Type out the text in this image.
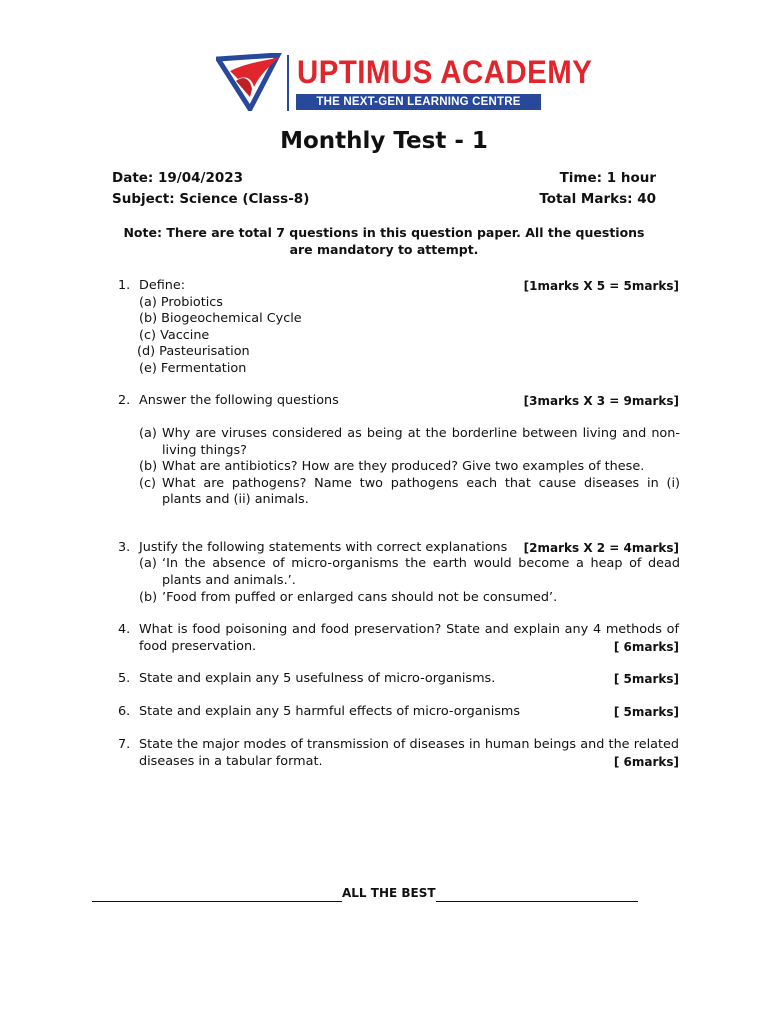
UPTIMUS ACADEMY
THE NEXT-GEN LEARNING CENTRE
Monthly Test - 1
Date: 19/04/2023
Subject: Science (Class-8)
Time: 1 hour
Total Marks: 40
Note: There are total 7 questions in this question paper. All the questions are mandatory to attempt.
1. Define:	[1marks X 5 = 5marks]
(a) Probiotics
(b) Biogeochemical Cycle
(c) Vaccine
(d) Pasteurisation
(e) Fermentation
2. Answer the following questions	[3marks X 3 = 9marks]
(a) Why are viruses considered as being at the borderline between living and non-living things?
(b) What are antibiotics? How are they produced? Give two examples of these.
(c) What are pathogens? Name two pathogens each that cause diseases in (i) plants and (ii) animals.
3. Justify the following statements with correct explanations [2marks X 2 = 4marks]
(a) ‘In the absence of micro-organisms the earth would become a heap of dead plants and animals.’.
(b) ’Food from puffed or enlarged cans should not be consumed’.
4. What is food poisoning and food preservation? State and explain any 4 methods of food preservation.	[ 6marks]
5. State and explain any 5 usefulness of micro-organisms.	[ 5marks]
6. State and explain any 5 harmful effects of micro-organisms	[ 5marks]
7. State the major modes of transmission of diseases in human beings and the related diseases in a tabular format.	[ 6marks]
ALL THE BEST
